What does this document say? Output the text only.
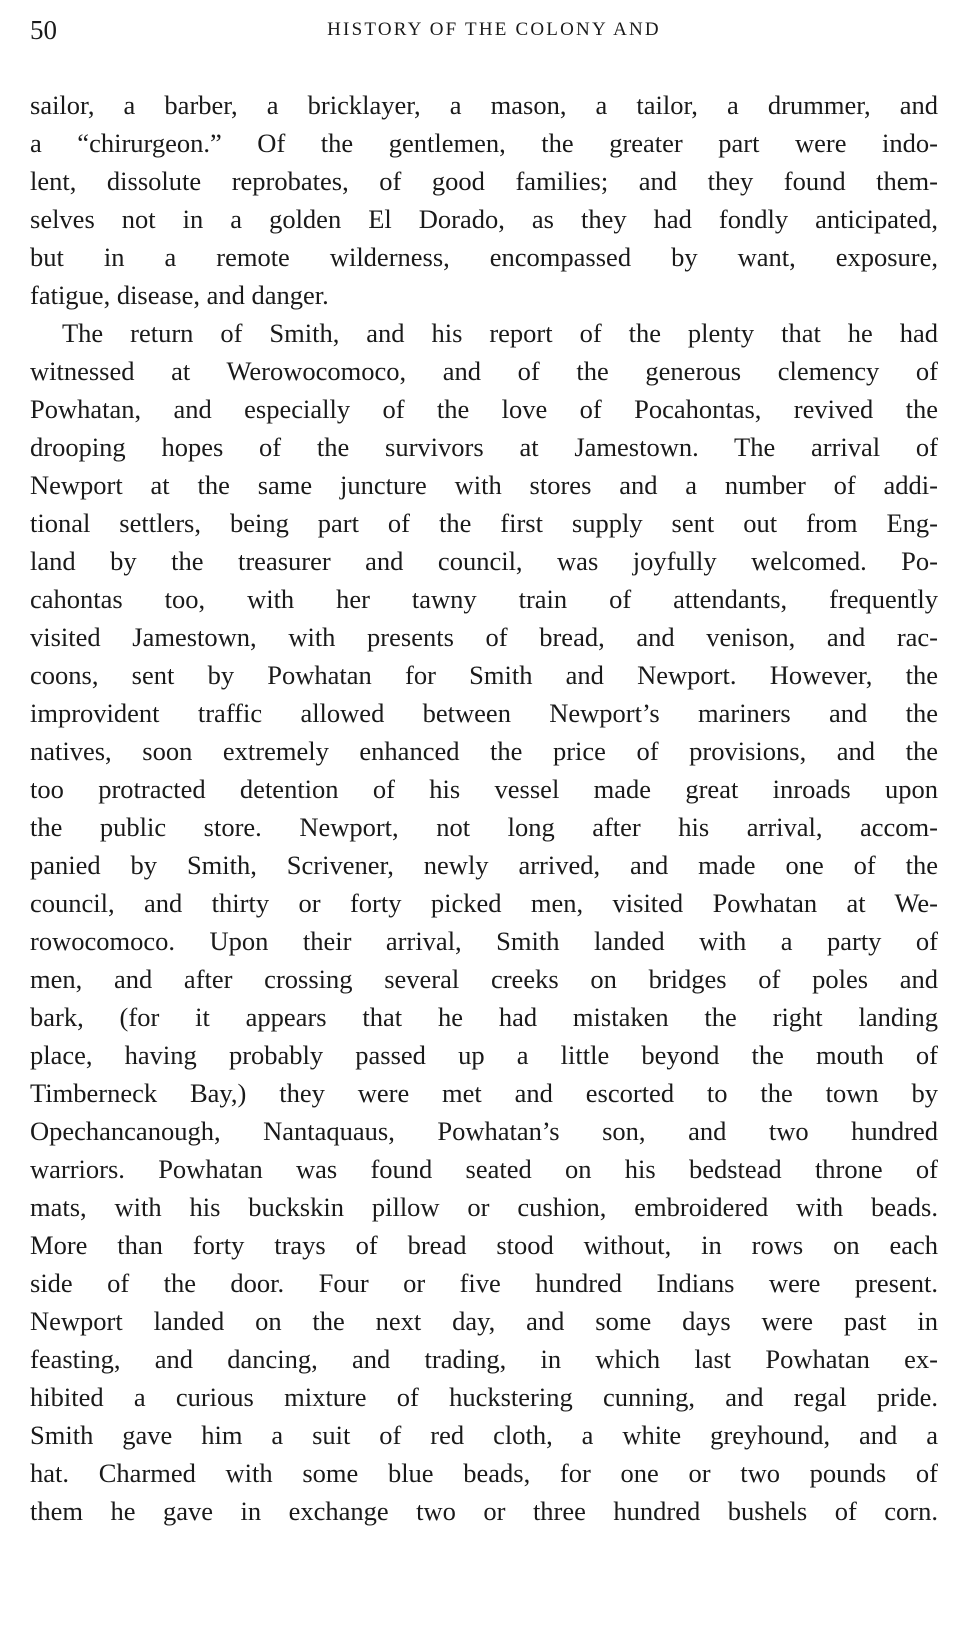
50	HISTORY OF THE COLONY AND
sailor, a barber, a bricklayer, a mason, a tailor, a drummer, and
a “chirurgeon.” Of the gentlemen, the greater part were indo-
lent, dissolute reprobates, of good families; and they found them-
selves not in a golden El Dorado, as they had fondly anticipated,
but in a remote wilderness, encompassed by want, exposure,
fatigue, disease, and danger.
The return of Smith, and his report of the plenty that he had
witnessed at Werowocomoco, and of the generous clemency of
Powhatan, and especially of the love of Pocahontas, revived the
drooping hopes of the survivors at Jamestown. The arrival of
Newport at the same juncture with stores and a number of addi-
tional settlers, being part of the first supply sent out from Eng-
land by the treasurer and council, was joyfully welcomed. Po-
cahontas too, with her tawny train of attendants, frequently
visited Jamestown, with presents of bread, and venison, and rac-
coons, sent by Powhatan for Smith and Newport. However, the
improvident traffic allowed between Newport’s mariners and the
natives, soon extremely enhanced the price of provisions, and the
too protracted detention of his vessel made great inroads upon
the public store. Newport, not long after his arrival, accom-
panied by Smith, Scrivener, newly arrived, and made one of the
council, and thirty or forty picked men, visited Powhatan at We-
rowocomoco. Upon their arrival, Smith landed with a party of
men, and after crossing several creeks on bridges of poles and
bark, (for it appears that he had mistaken the right landing
place, having probably passed up a little beyond the mouth of
Timberneck Bay,) they were met and escorted to the town by
Opechancanough, Nantaquaus, Powhatan’s son, and two hundred
warriors. Powhatan was found seated on his bedstead throne of
mats, with his buckskin pillow or cushion, embroidered with beads.
More than forty trays of bread stood without, in rows on each
side of the door. Four or five hundred Indians were present.
Newport landed on the next day, and some days were past in
feasting, and dancing, and trading, in which last Powhatan ex-
hibited a curious mixture of huckstering cunning, and regal pride.
Smith gave him a suit of red cloth, a white greyhound, and a
hat. Charmed with some blue beads, for one or two pounds of
them he gave in exchange two or three hundred bushels of corn.
